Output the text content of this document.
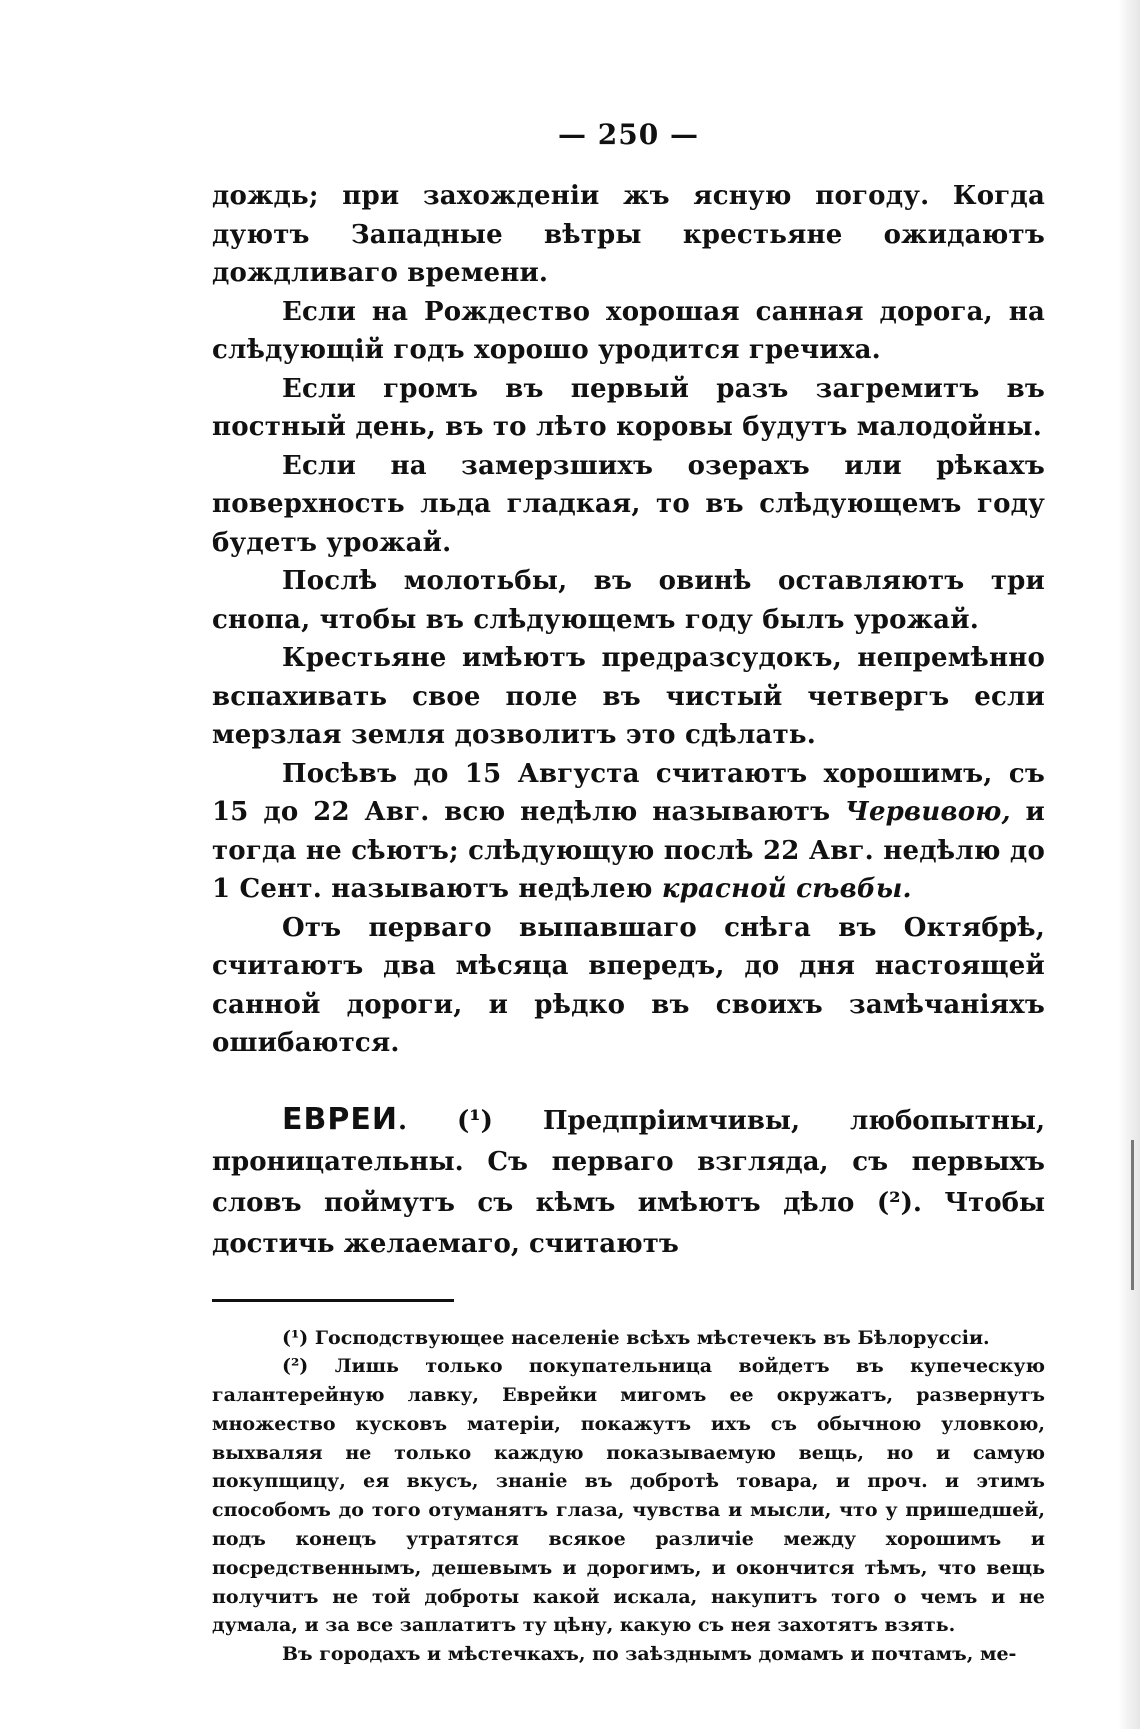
— 250 —

дождь; при захожденіи жъ ясную погоду. Когда дуютъ Западные вѣтры крестьяне ожидаютъ дождливаго времени.

Если на Рождество хорошая санная дорога, на слѣдующій годъ хорошо уродится гречиха.

Если громъ въ первый разъ загремитъ въ постный день, въ то лѣто коровы будутъ малодойны.

Если на замерзшихъ озерахъ или рѣкахъ поверхность льда гладкая, то въ слѣдующемъ году будетъ урожай.

Послѣ молотьбы, въ овинѣ оставляютъ три снопа, чтобы въ слѣдующемъ году былъ урожай.

Крестьяне имѣютъ предразсудокъ, непремѣнно вспахивать свое поле въ чистый четвергъ если мерзлая земля дозволитъ это сдѣлать.

Посѣвъ до 15 Августа считаютъ хорошимъ, съ 15 до 22 Авг. всю недѣлю называютъ Червивою, и тогда не сѣютъ; слѣдующую послѣ 22 Авг. недѣлю до 1 Сент. называютъ недѣлею красной сѣвбы.

Отъ перваго выпавшаго снѣга въ Октябрѣ, считаютъ два мѣсяца впередъ, до дня настоящей санной дороги, и рѣдко въ своихъ замѣчаніяхъ ошибаются.

ЕВРЕИ. (¹) Предпріимчивы, любопытны, проницательны. Съ перваго взгляда, съ первыхъ словъ поймутъ съ кѣмъ имѣютъ дѣло (²). Чтобы достичь желаемаго, считаютъ

(¹) Господствующее населеніе всѣхъ мѣстечекъ въ Бѣлоруссіи.

(²) Лишь только покупательница войдетъ въ купеческую галантерейную лавку, Еврейки мигомъ ее окружатъ, развернутъ множество кусковъ матеріи, покажутъ ихъ съ обычною уловкою, выхваляя не только каждую показываемую вещь, но и самую покупщицу, ея вкусъ, знаніе въ добротѣ товара, и проч. и этимъ способомъ до того отуманятъ глаза, чувства и мысли, что у пришедшей, подъ конецъ утратятся всякое различіе между хорошимъ и посредственнымъ, дешевымъ и дорогимъ, и окончится тѣмъ, что вещь получитъ не той доброты какой искала, накупитъ того о чемъ и не думала, и за все заплатитъ ту цѣну, какую съ нея захотятъ взять.

Въ городахъ и мѣстечкахъ, по заѣзднымъ домамъ и почтамъ, ме-
